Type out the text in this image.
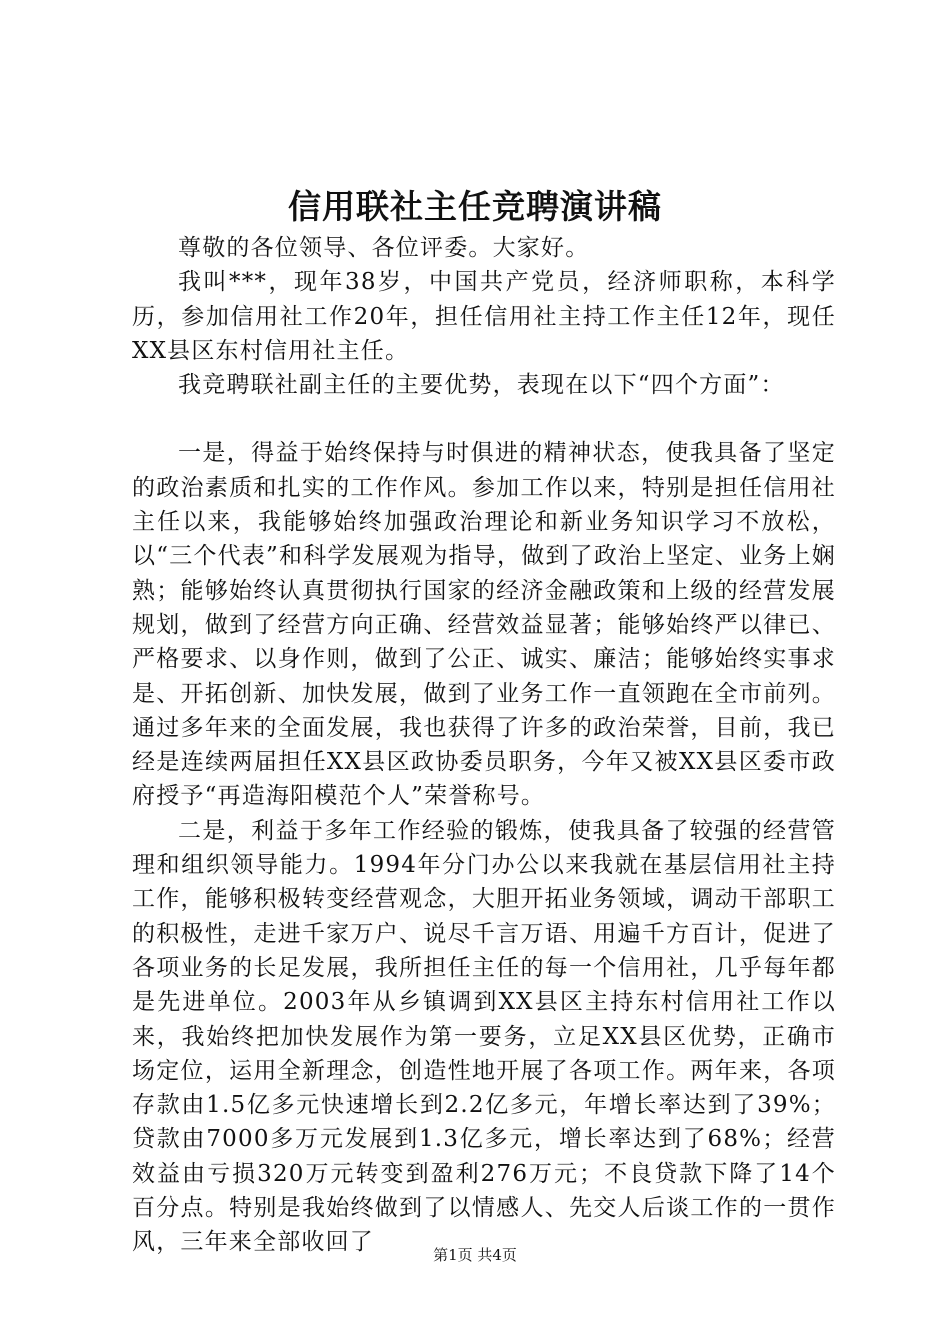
信用联社主任竞聘演讲稿

尊敬的各位领导、各位评委。大家好。

我叫***，现年38岁，中国共产党员，经济师职称，本科学历，参加信用社工作20年，担任信用社主持工作主任12年，现任XX县区东村信用社主任。

我竞聘联社副主任的主要优势，表现在以下“四个方面”：

一是，得益于始终保持与时俱进的精神状态，使我具备了坚定的政治素质和扎实的工作作风。参加工作以来，特别是担任信用社主任以来，我能够始终加强政治理论和新业务知识学习不放松，以“三个代表”和科学发展观为指导，做到了政治上坚定、业务上娴熟；能够始终认真贯彻执行国家的经济金融政策和上级的经营发展规划，做到了经营方向正确、经营效益显著；能够始终严以律已、严格要求、以身作则，做到了公正、诚实、廉洁；能够始终实事求是、开拓创新、加快发展，做到了业务工作一直领跑在全市前列。通过多年来的全面发展，我也获得了许多的政治荣誉，目前，我已经是连续两届担任XX县区政协委员职务，今年又被XX县区委市政府授予“再造海阳模范个人”荣誉称号。

二是，利益于多年工作经验的锻炼，使我具备了较强的经营管理和组织领导能力。1994年分门办公以来我就在基层信用社主持工作，能够积极转变经营观念，大胆开拓业务领域，调动干部职工的积极性，走进千家万户、说尽千言万语、用遍千方百计，促进了各项业务的长足发展，我所担任主任的每一个信用社，几乎每年都是先进单位。2003年从乡镇调到XX县区主持东村信用社工作以来，我始终把加快发展作为第一要务，立足XX县区优势，正确市场定位，运用全新理念，创造性地开展了各项工作。两年来，各项存款由1.5亿多元快速增长到2.2亿多元，年增长率达到了39%；贷款由7000多万元发展到1.3亿多元，增长率达到了68%；经营效益由亏损320万元转变到盈利276万元；不良贷款下降了14个百分点。特别是我始终做到了以情感人、先交人后谈工作的一贯作风，三年来全部收回了	第1页 共4页
